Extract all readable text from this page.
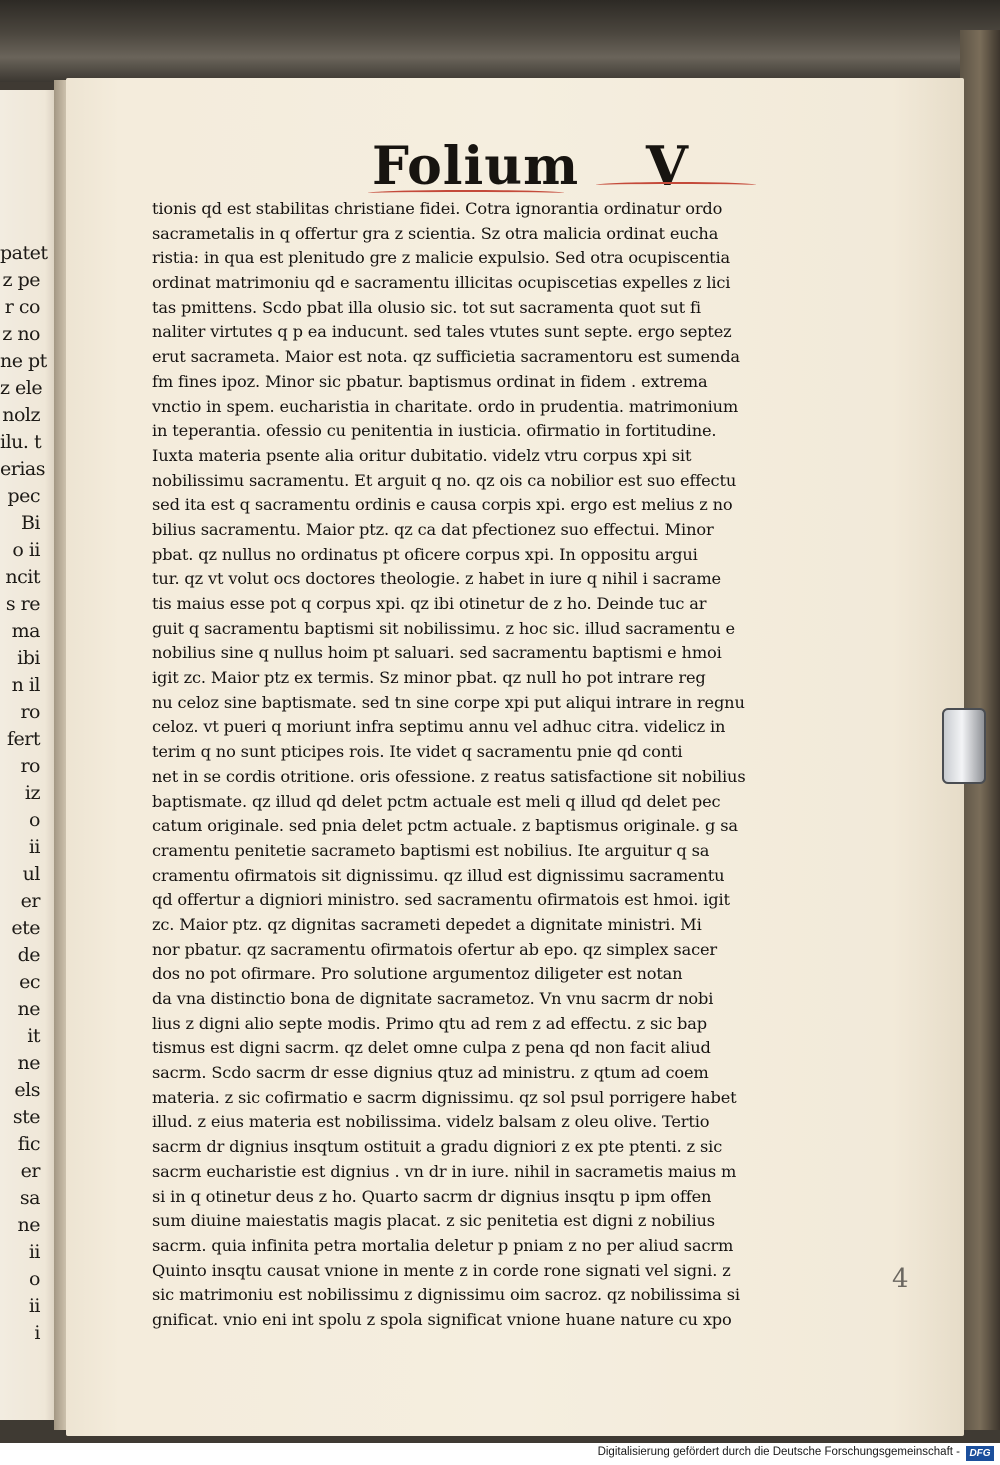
patet
z pe
r co
z no
ne pt
z ele
nolz
ilu. t
erias
pec
Bi
o ii
ncit
s re
ma
ibi
n il
ro
fert
ro
iz
o
ii
ul
er
ete
de
ec
ne
it
ne
els
ste
fic
er
sa
ne
ii
o
ii
i
Folium V
tionis qd est stabilitas christiane fidei. Cotra ignorantia ordinatur ordo
sacrametalis in q offertur gra z scientia. Sz otra malicia ordinat eucha
ristia: in qua est plenitudo gre z malicie expulsio. Sed otra ocupiscentia
ordinat matrimoniu qd e sacramentu illicitas ocupiscetias expelles z lici
tas pmittens. Scdo pbat illa olusio sic. tot sut sacramenta quot sut fi
naliter virtutes q p ea inducunt. sed tales vtutes sunt septe. ergo septez
erut sacrameta. Maior est nota. qz sufficietia sacramentoru est sumenda
fm fines ipoz. Minor sic pbatur. baptismus ordinat in fidem . extrema
vnctio in spem. eucharistia in charitate. ordo in prudentia. matrimonium
in teperantia. ofessio cu penitentia in iusticia. ofirmatio in fortitudine.
Iuxta materia psente alia oritur dubitatio. videlz vtru corpus xpi sit
nobilissimu sacramentu. Et arguit q no. qz ois ca nobilior est suo effectu
sed ita est q sacramentu ordinis e causa corpis xpi. ergo est melius z no
bilius sacramentu. Maior ptz. qz ca dat pfectionez suo effectui. Minor
pbat. qz nullus no ordinatus pt oficere corpus xpi. In oppositu argui
tur. qz vt volut ocs doctores theologie. z habet in iure q nihil i sacrame
tis maius esse pot q corpus xpi. qz ibi otinetur de z ho. Deinde tuc ar
guit q sacramentu baptismi sit nobilissimu. z hoc sic. illud sacramentu e
nobilius sine q nullus hoim pt saluari. sed sacramentu baptismi e hmoi
igit zc. Maior ptz ex termis. Sz minor pbat. qz null ho pot intrare reg
nu celoz sine baptismate. sed tn sine corpe xpi put aliqui intrare in regnu
celoz. vt pueri q moriunt infra septimu annu vel adhuc citra. videlicz in
terim q no sunt pticipes rois. Ite videt q sacramentu pnie qd conti
net in se cordis otritione. oris ofessione. z reatus satisfactione sit nobilius
baptismate. qz illud qd delet pctm actuale est meli q illud qd delet pec
catum originale. sed pnia delet pctm actuale. z baptismus originale. g sa
cramentu penitetie sacrameto baptismi est nobilius. Ite arguitur q sa
cramentu ofirmatois sit dignissimu. qz illud est dignissimu sacramentu
qd offertur a digniori ministro. sed sacramentu ofirmatois est hmoi. igit
zc. Maior ptz. qz dignitas sacrameti depedet a dignitate ministri. Mi
nor pbatur. qz sacramentu ofirmatois ofertur ab epo. qz simplex sacer
dos no pot ofirmare. Pro solutione argumentoz diligeter est notan
da vna distinctio bona de dignitate sacrametoz. Vn vnu sacrm dr nobi
lius z digni alio septe modis. Primo qtu ad rem z ad effectu. z sic bap
tismus est digni sacrm. qz delet omne culpa z pena qd non facit aliud
sacrm. Scdo sacrm dr esse dignius qtuz ad ministru. z qtum ad coem
materia. z sic cofirmatio e sacrm dignissimu. qz sol psul porrigere habet
illud. z eius materia est nobilissima. videlz balsam z oleu olive. Tertio
sacrm dr dignius insqtum ostituit a gradu digniori z ex pte ptenti. z sic
sacrm eucharistie est dignius . vn dr in iure. nihil in sacrametis maius m
si in q otinetur deus z ho. Quarto sacrm dr dignius insqtu p ipm offen
sum diuine maiestatis magis placat. z sic penitetia est digni z nobilius
sacrm. quia infinita petra mortalia deletur p pniam z no per aliud sacrm
Quinto insqtu causat vnione in mente z in corde rone signati vel signi. z
sic matrimoniu est nobilissimu z dignissimu oim sacroz. qz nobilissima si
gnificat. vnio eni int spolu z spola significat vnione huane nature cu xpo
4
Digitalisierung gefördert durch die Deutsche Forschungsgemeinschaft - DFG
